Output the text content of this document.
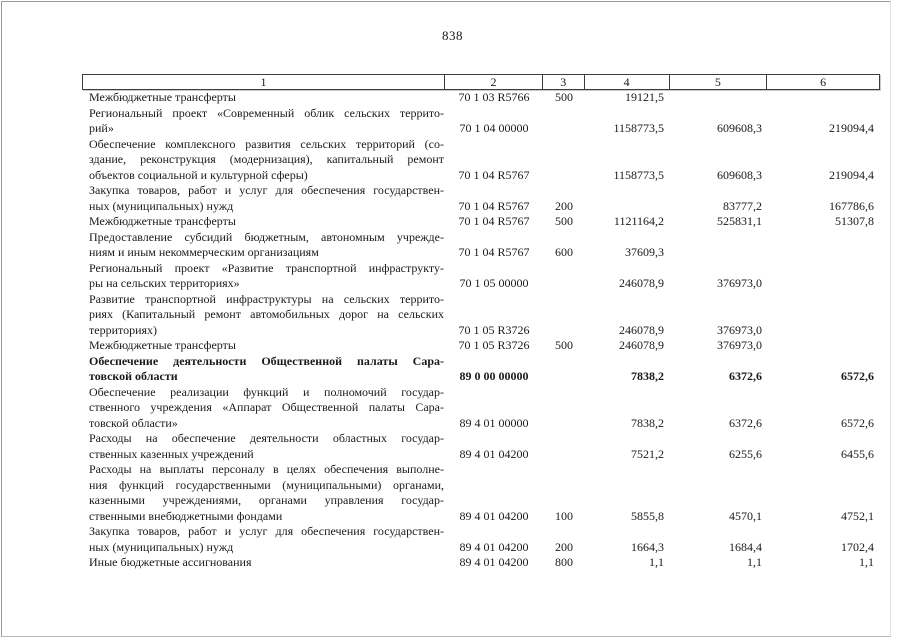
838
1	2	3	4	5	6
Межбюджетные трансферты	70 1 03 R5766	500	19121,5		

Региональный проект «Современный облик сельских террито-
рий»	70 1 04 00000		1158773,5	609608,3	219094,4

Обеспечение комплексного развития сельских территорий (со-
здание, реконструкция (модернизация), капитальный ремонт
объектов социальной и культурной сферы)	70 1 04 R5767		1158773,5	609608,3	219094,4

Закупка товаров, работ и услуг для обеспечения государствен-
ных (муниципальных) нужд	70 1 04 R5767	200		83777,2	167786,6

Межбюджетные трансферты	70 1 04 R5767	500	1121164,2	525831,1	51307,8

Предоставление субсидий бюджетным, автономным учрежде-
ниям и иным некоммерческим организациям	70 1 04 R5767	600	37609,3		

Региональный проект «Развитие транспортной инфраструкту-
ры на сельских территориях»	70 1 05 00000		246078,9	376973,0	

Развитие транспортной инфраструктуры на сельских террито-
риях (Капитальный ремонт автомобильных дорог на сельских
территориях)	70 1 05 R3726		246078,9	376973,0	

Межбюджетные трансферты	70 1 05 R3726	500	246078,9	376973,0	

Обеспечение деятельности Общественной палаты Сара-
товской области	89 0 00 00000		7838,2	6372,6	6572,6

Обеспечение реализации функций и полномочий государ-
ственного учреждения «Аппарат Общественной палаты Сара-
товской области»	89 4 01 00000		7838,2	6372,6	6572,6

Расходы на обеспечение деятельности областных государ-
ственных казенных учреждений	89 4 01 04200		7521,2	6255,6	6455,6

Расходы на выплаты персоналу в целях обеспечения выполне-
ния функций государственными (муниципальными) органами,
казенными учреждениями, органами управления государ-
ственными внебюджетными фондами	89 4 01 04200	100	5855,8	4570,1	4752,1

Закупка товаров, работ и услуг для обеспечения государствен-
ных (муниципальных) нужд	89 4 01 04200	200	1664,3	1684,4	1702,4

Иные бюджетные ассигнования	89 4 01 04200	800	1,1	1,1	1,1
